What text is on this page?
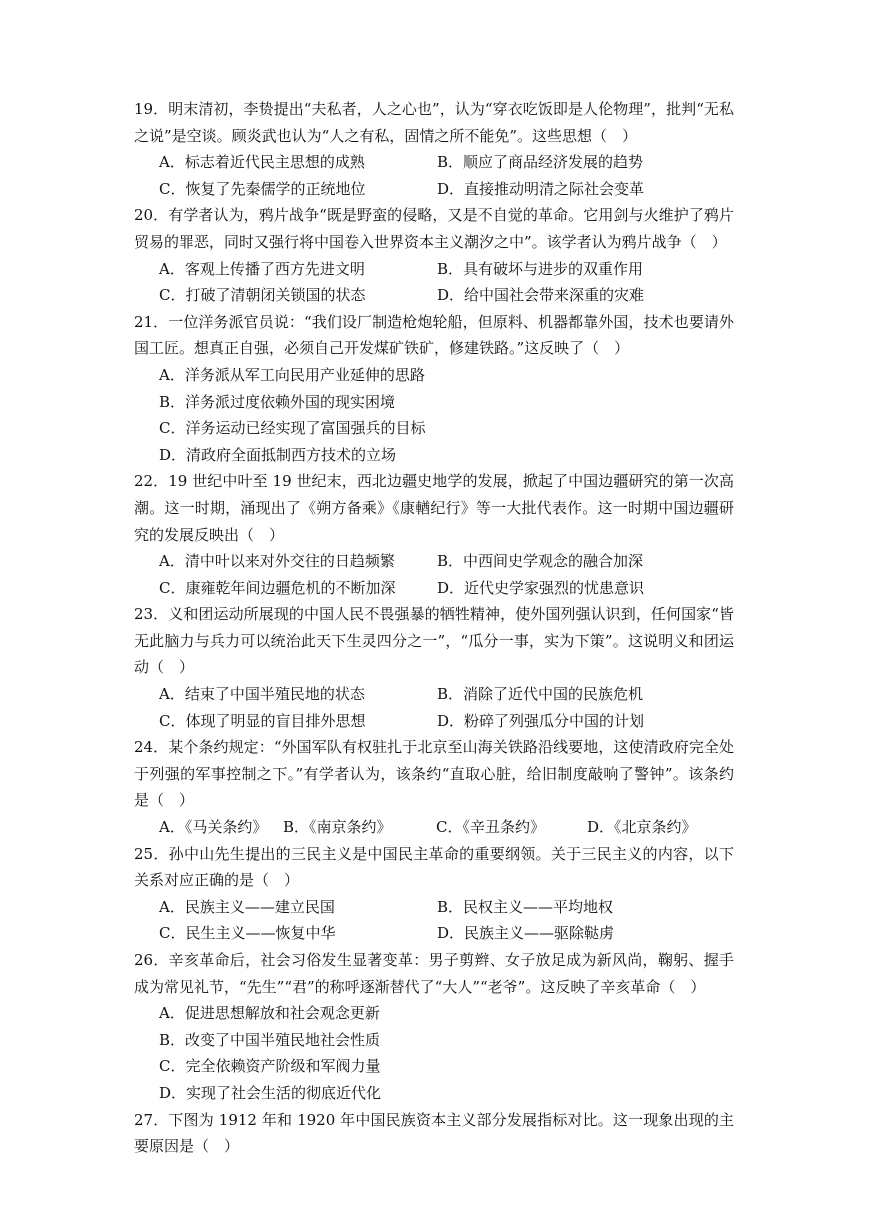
19．明末清初，李贽提出“夫私者，人之心也”，认为“穿衣吃饭即是人伦物理”，批判“无私之说”是空谈。顾炎武也认为“人之有私，固情之所不能免”。这些思想（　）

A．标志着近代民主思想的成熟	B．顺应了商品经济发展的趋势
C．恢复了先秦儒学的正统地位	D．直接推动明清之际社会变革

20．有学者认为，鸦片战争“既是野蛮的侵略，又是不自觉的革命。它用剑与火维护了鸦片贸易的罪恶，同时又强行将中国卷入世界资本主义潮汐之中”。该学者认为鸦片战争（　）

A．客观上传播了西方先进文明	B．具有破坏与进步的双重作用
C．打破了清朝闭关锁国的状态	D．给中国社会带来深重的灾难

21．一位洋务派官员说：“我们设厂制造枪炮轮船，但原料、机器都靠外国，技术也要请外国工匠。想真正自强，必须自己开发煤矿铁矿，修建铁路。”这反映了（　）

A．洋务派从军工向民用产业延伸的思路

B．洋务派过度依赖外国的现实困境

C．洋务运动已经实现了富国强兵的目标

D．清政府全面抵制西方技术的立场

22．19 世纪中叶至 19 世纪末，西北边疆史地学的发展，掀起了中国边疆研究的第一次高潮。这一时期，涌现出了《朔方备乘》《康輶纪行》等一大批代表作。这一时期中国边疆研究的发展反映出（　）

A．清中叶以来对外交往的日趋频繁	B．中西间史学观念的融合加深
C．康雍乾年间边疆危机的不断加深	D．近代史学家强烈的忧患意识

23．义和团运动所展现的中国人民不畏强暴的牺牲精神，使外国列强认识到，任何国家“皆无此脑力与兵力可以统治此天下生灵四分之一”，“瓜分一事，实为下策”。这说明义和团运动（　）

A．结束了中国半殖民地的状态	B．消除了近代中国的民族危机
C．体现了明显的盲目排外思想	D．粉碎了列强瓜分中国的计划

24．某个条约规定：“外国军队有权驻扎于北京至山海关铁路沿线要地，这使清政府完全处于列强的军事控制之下。”有学者认为，该条约“直取心脏，给旧制度敲响了警钟”。该条约是（　）

A．《马关条约》	B．《南京条约》	C．《辛丑条约》	D．《北京条约》

25．孙中山先生提出的三民主义是中国民主革命的重要纲领。关于三民主义的内容，以下关系对应正确的是（　）

A．民族主义——建立民国	B．民权主义——平均地权
C．民生主义——恢复中华	D．民族主义——驱除鞑虏

26．辛亥革命后，社会习俗发生显著变革：男子剪辫、女子放足成为新风尚，鞠躬、握手成为常见礼节，“先生”“君”的称呼逐渐替代了“大人”“老爷”。这反映了辛亥革命（　）

A．促进思想解放和社会观念更新

B．改变了中国半殖民地社会性质

C．完全依赖资产阶级和军阀力量

D．实现了社会生活的彻底近代化

27．下图为 1912 年和 1920 年中国民族资本主义部分发展指标对比。这一现象出现的主要原因是（　）
